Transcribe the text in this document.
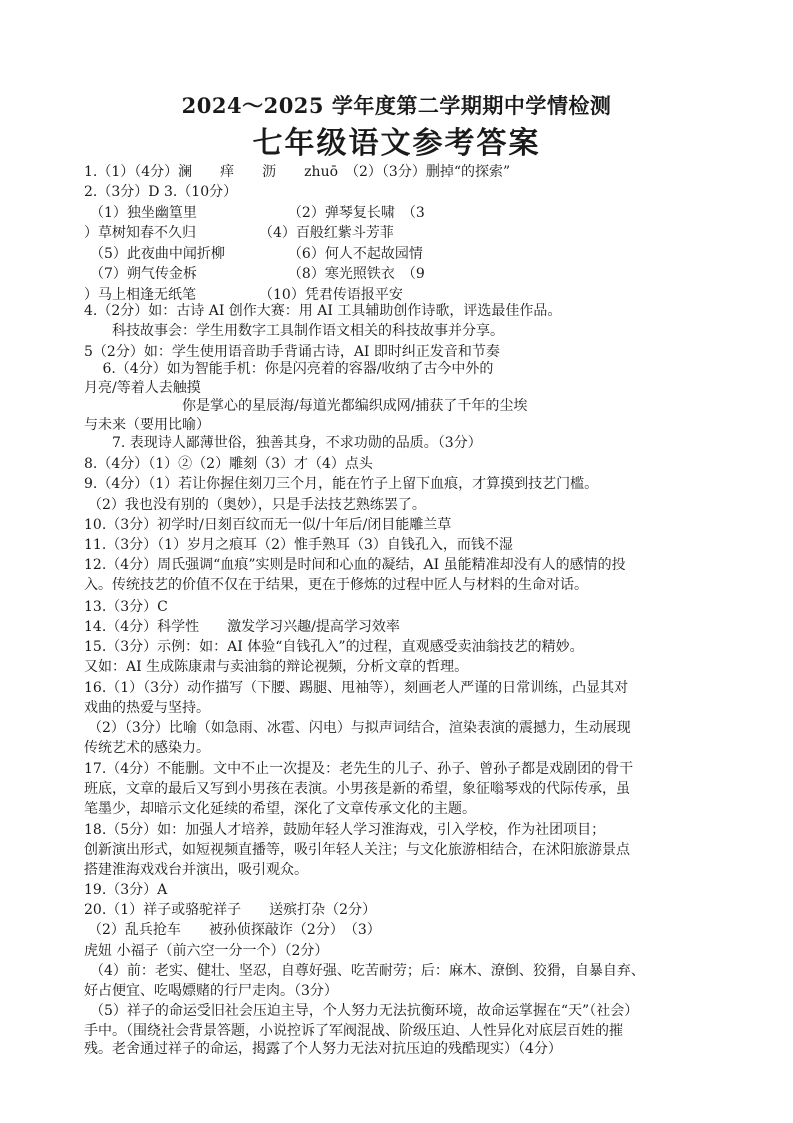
2024～2025 学年度第二学期期中学情检测
七年级语文参考答案
1.（1）（4分）澜　　痒　　沥　　zhuō　（2）（3分）删掉“的探索”
2.（3分）D 3.（10分）
（1）独坐幽篁里　　　　　　　（2）弹琴复长啸　（3
）草树知春不久归　　　　　（4）百般红紫斗芳菲
（5）此夜曲中闻折柳　　　　　（6）何人不起故园情
（7）朔气传金柝　　　　　　　（8）寒光照铁衣　（9
）马上相逢无纸笔　　　　　（10）凭君传语报平安
4.（2分）如：古诗 AI 创作大赛：用 AI 工具辅助创作诗歌，评选最佳作品。
　　科技故事会：学生用数字工具制作语文相关的科技故事并分享。
5（2分）如：学生使用语音助手背诵古诗，AI 即时纠正发音和节奏
　 6.（4分）如为智能手机：你是闪亮着的容器/收纳了古今中外的
月亮/等着人去触摸
　　　　　　　你是掌心的星辰海/每道光都编织成网/捕获了千年的尘埃
与未来（要用比喻）
　　7. 表现诗人鄙薄世俗，独善其身，不求功勋的品质。（3分）
8.（4分）（1）②（2）雕刻（3）才（4）点头
9.（4分）（1）若让你握住刻刀三个月，能在竹子上留下血痕，才算摸到技艺门槛。
（2）我也没有别的（奥妙），只是手法技艺熟练罢了。
10.（3分）初学时/日刻百纹而无一似/十年后/闭目能雕兰草
11.（3分）（1）岁月之痕耳（2）惟手熟耳（3）自钱孔入，而钱不湿
12.（4分）周氏强调“血痕”实则是时间和心血的凝结，AI 虽能精准却没有人的感情的投
入。传统技艺的价值不仅在于结果，更在于修炼的过程中匠人与材料的生命对话。
13.（3分）C
14.（4分）科学性　　激发学习兴趣/提高学习效率
15.（3分）示例：如：AI 体验“自钱孔入”的过程，直观感受卖油翁技艺的精妙。
又如：AI 生成陈康肃与卖油翁的辩论视频，分析文章的哲理。
16.（1）（3分）动作描写（下腰、踢腿、甩袖等），刻画老人严谨的日常训练，凸显其对
戏曲的热爱与坚持。
（2）（3分）比喻（如急雨、冰雹、闪电）与拟声词结合，渲染表演的震撼力，生动展现
传统艺术的感染力。
17.（4分）不能删。文中不止一次提及：老先生的儿子、孙子、曾孙子都是戏剧团的骨干
班底，文章的最后又写到小男孩在表演。小男孩是新的希望，象征嗡琴戏的代际传承，虽
笔墨少，却暗示文化延续的希望，深化了文章传承文化的主题。
18.（5分）如：加强人才培养，鼓励年轻人学习淮海戏，引入学校，作为社团项目；
创新演出形式，如短视频直播等，吸引年轻人关注；与文化旅游相结合，在沭阳旅游景点
搭建淮海戏戏台并演出，吸引观众。
19.（3分）A
20.（1）祥子或骆驼祥子　　送殡打杂（2分）
（2）乱兵抢车　　被孙侦探敲诈（2分）　（3）
虎妞 小福子（前六空一分一个）（2分）
（4）前：老实、健壮、坚忍，自尊好强、吃苦耐劳；后：麻木、潦倒、狡猾，自暴自弃、
好占便宜、吃喝嫖赌的行尸走肉。（3分）
（5）祥子的命运受旧社会压迫主导，个人努力无法抗衡环境，故命运掌握在“天”（社会）
手中。（围绕社会背景答题，小说控诉了军阀混战、阶级压迫、人性异化对底层百姓的摧
残。老舍通过祥子的命运，揭露了个人努力无法对抗压迫的残酷现实）（4分）
